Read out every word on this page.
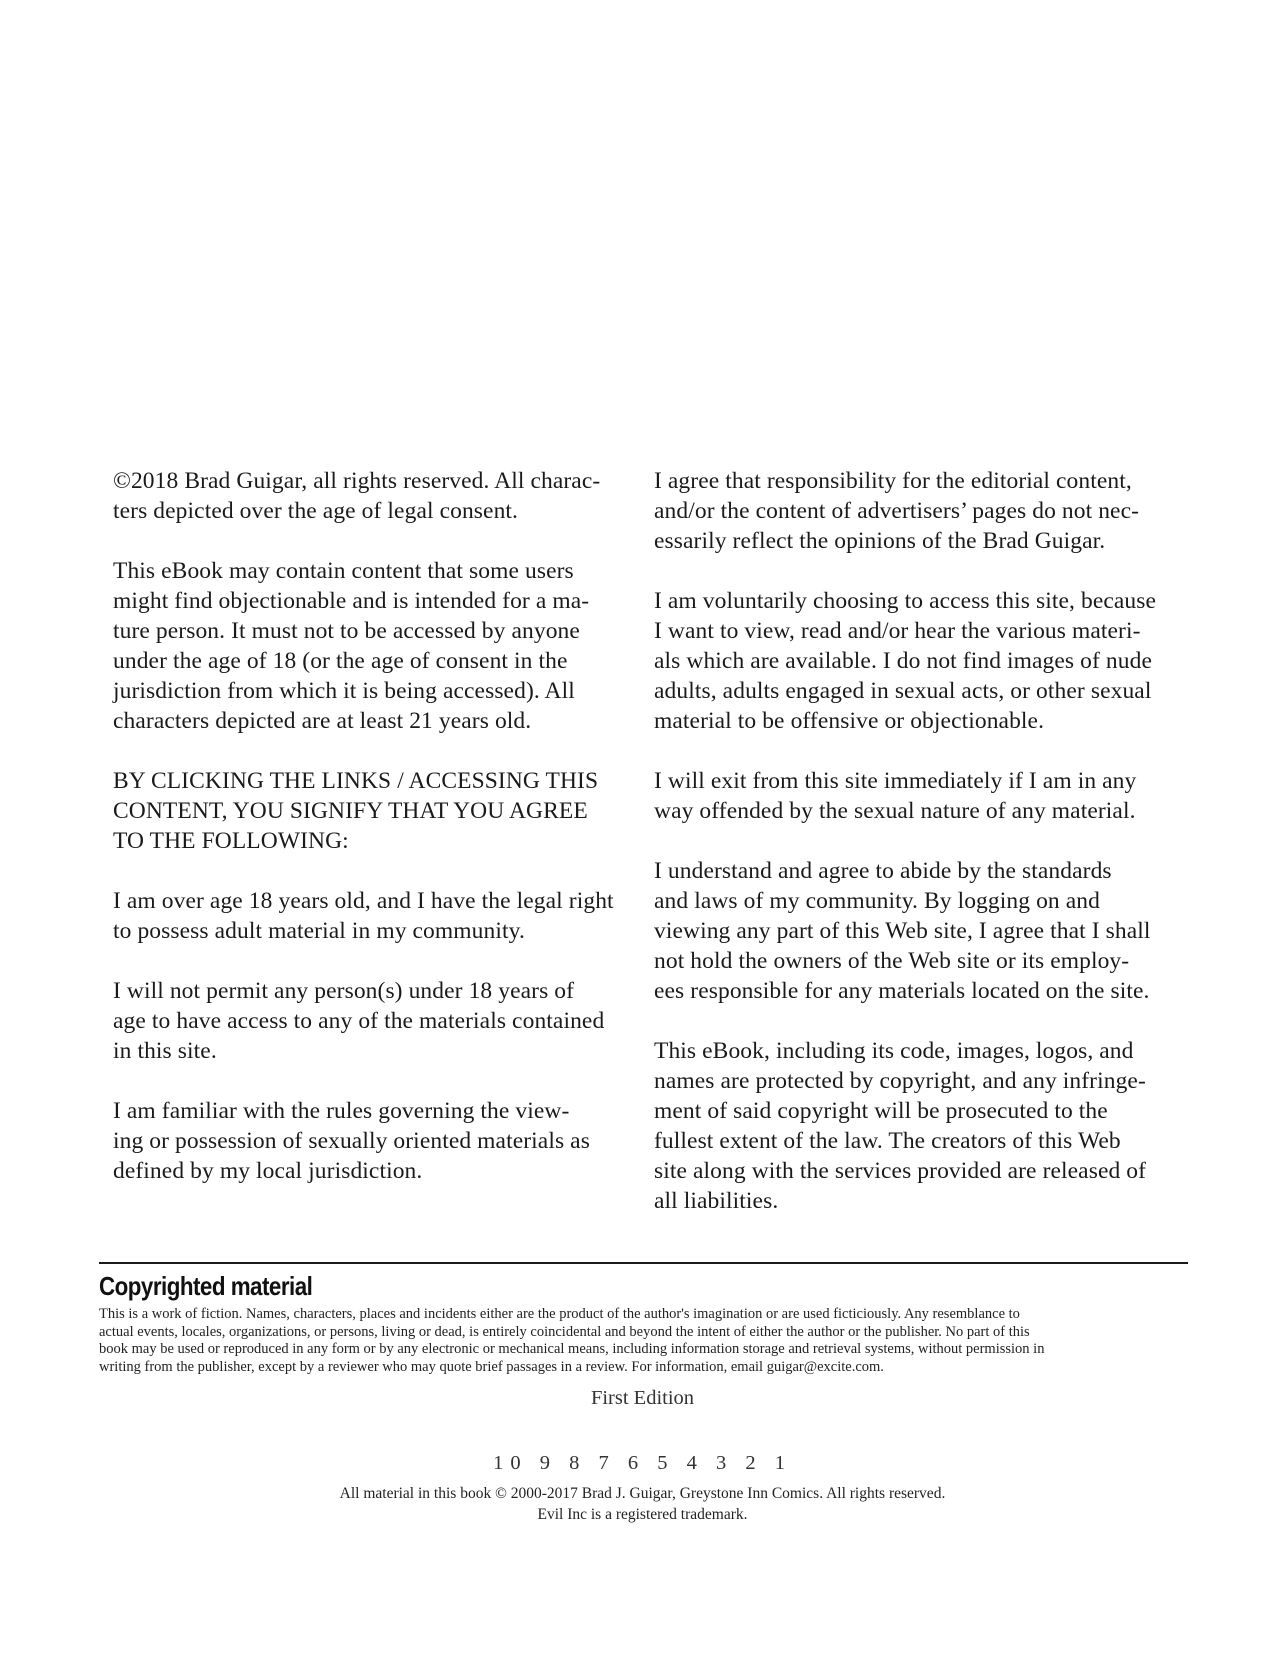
©2018 Brad Guigar, all rights reserved. All charac-
ters depicted over the age of legal consent.

This eBook may contain content that some users
might find objectionable and is intended for a ma-
ture person. It must not to be accessed by anyone
under the age of 18 (or the age of consent in the
jurisdiction from which it is being accessed). All
characters depicted are at least 21 years old.

BY CLICKING THE LINKS / ACCESSING THIS
CONTENT, YOU SIGNIFY THAT YOU AGREE
TO THE FOLLOWING:

I am over age 18 years old, and I have the legal right
to possess adult material in my community.

I will not permit any person(s) under 18 years of
age to have access to any of the materials contained
in this site.

I am familiar with the rules governing the view-
ing or possession of sexually oriented materials as
defined by my local jurisdiction.

I agree that responsibility for the editorial content,
and/or the content of advertisers’ pages do not nec-
essarily reflect the opinions of the Brad Guigar.

I am voluntarily choosing to access this site, because
I want to view, read and/or hear the various materi-
als which are available. I do not find images of nude
adults, adults engaged in sexual acts, or other sexual
material to be offensive or objectionable.

I will exit from this site immediately if I am in any
way offended by the sexual nature of any material.

I understand and agree to abide by the standards
and laws of my community. By logging on and
viewing any part of this Web site, I agree that I shall
not hold the owners of the Web site or its employ-
ees responsible for any materials located on the site.

This eBook, including its code, images, logos, and
names are protected by copyright, and any infringe-
ment of said copyright will be prosecuted to the
fullest extent of the law. The creators of this Web
site along with the services provided are released of
all liabilities.

Copyrighted material
This is a work of fiction. Names, characters, places and incidents either are the product of the author's imagination or are used ficticiously. Any resemblance to
actual events, locales, organizations, or persons, living or dead, is entirely coincidental and beyond the intent of either the author or the publisher. No part of this
book may be used or reproduced in any form or by any electronic or mechanical means, including information storage and retrieval systems, without permission in
writing from the publisher, except by a reviewer who may quote brief passages in a review. For information, email guigar@excite.com.
First Edition
10 9 8 7 6 5 4 3 2 1
All material in this book © 2000-2017 Brad J. Guigar, Greystone Inn Comics. All rights reserved.
Evil Inc is a registered trademark.
